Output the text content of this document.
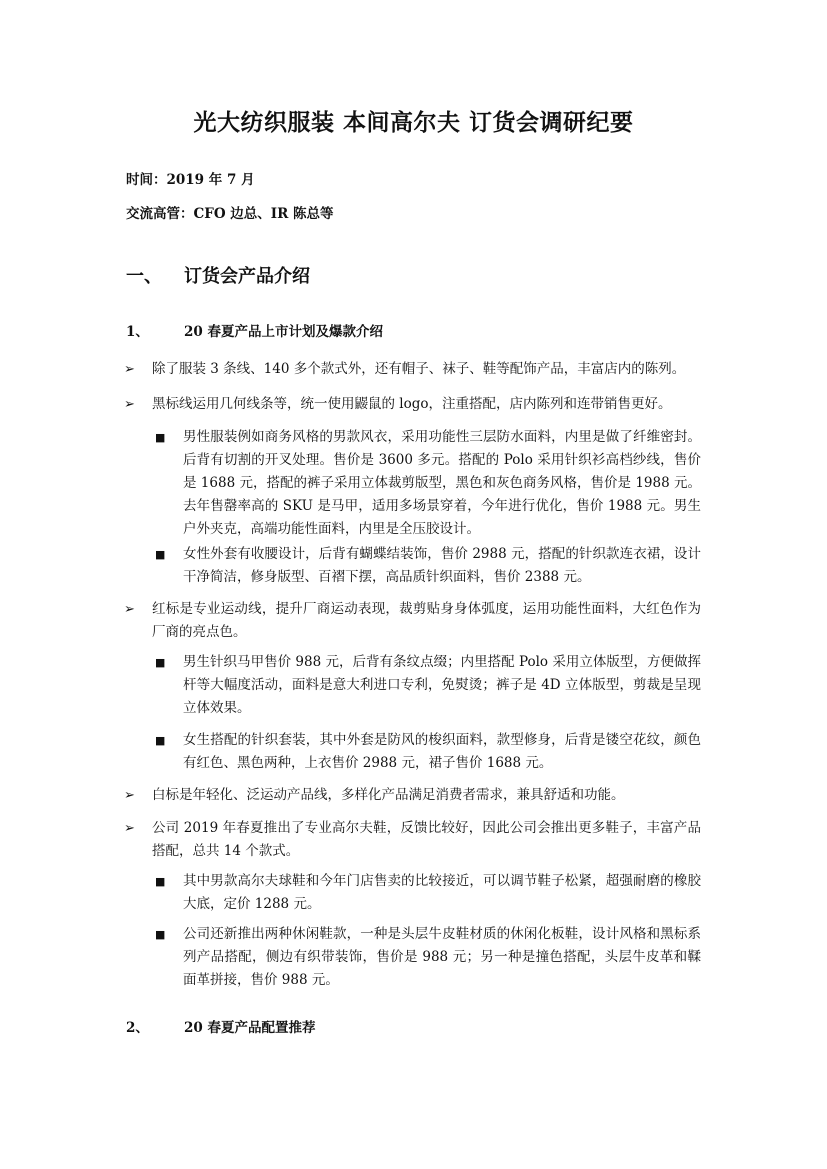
光大纺织服装 本间高尔夫 订货会调研纪要
时间：2019 年 7 月
交流高管：CFO 边总、IR 陈总等
一、 订货会产品介绍
1、	20 春夏产品上市计划及爆款介绍
➢ 除了服装 3 条线、140 多个款式外，还有帽子、袜子、鞋等配饰产品，丰富店内的陈列。
➢ 黑标线运用几何线条等，统一使用鼹鼠的 logo，注重搭配，店内陈列和连带销售更好。
■ 男性服装例如商务风格的男款风衣，采用功能性三层防水面料，内里是做了纤维密封。后背有切割的开叉处理。售价是 3600 多元。搭配的 Polo 采用针织衫高档纱线，售价是 1688 元，搭配的裤子采用立体裁剪版型，黑色和灰色商务风格，售价是 1988 元。去年售罄率高的 SKU 是马甲，适用多场景穿着，今年进行优化，售价 1988 元。男生户外夹克，高端功能性面料，内里是全压胶设计。
■ 女性外套有收腰设计，后背有蝴蝶结装饰，售价 2988 元，搭配的针织款连衣裙，设计干净简洁，修身版型、百褶下摆，高品质针织面料，售价 2388 元。
➢ 红标是专业运动线，提升厂商运动表现，裁剪贴身身体弧度，运用功能性面料，大红色作为厂商的亮点色。
■ 男生针织马甲售价 988 元，后背有条纹点缀；内里搭配 Polo 采用立体版型，方便做挥杆等大幅度活动，面料是意大利进口专利，免熨烫；裤子是 4D 立体版型，剪裁是呈现立体效果。
■ 女生搭配的针织套装，其中外套是防风的梭织面料，款型修身，后背是镂空花纹，颜色有红色、黑色两种，上衣售价 2988 元，裙子售价 1688 元。
➢ 白标是年轻化、泛运动产品线，多样化产品满足消费者需求，兼具舒适和功能。
➢ 公司 2019 年春夏推出了专业高尔夫鞋，反馈比较好，因此公司会推出更多鞋子，丰富产品搭配，总共 14 个款式。
■ 其中男款高尔夫球鞋和今年门店售卖的比较接近，可以调节鞋子松紧，超强耐磨的橡胶大底，定价 1288 元。
■ 公司还新推出两种休闲鞋款，一种是头层牛皮鞋材质的休闲化板鞋，设计风格和黑标系列产品搭配，侧边有织带装饰，售价是 988 元；另一种是撞色搭配，头层牛皮革和鞣面革拼接，售价 988 元。
2、	20 春夏产品配置推荐
